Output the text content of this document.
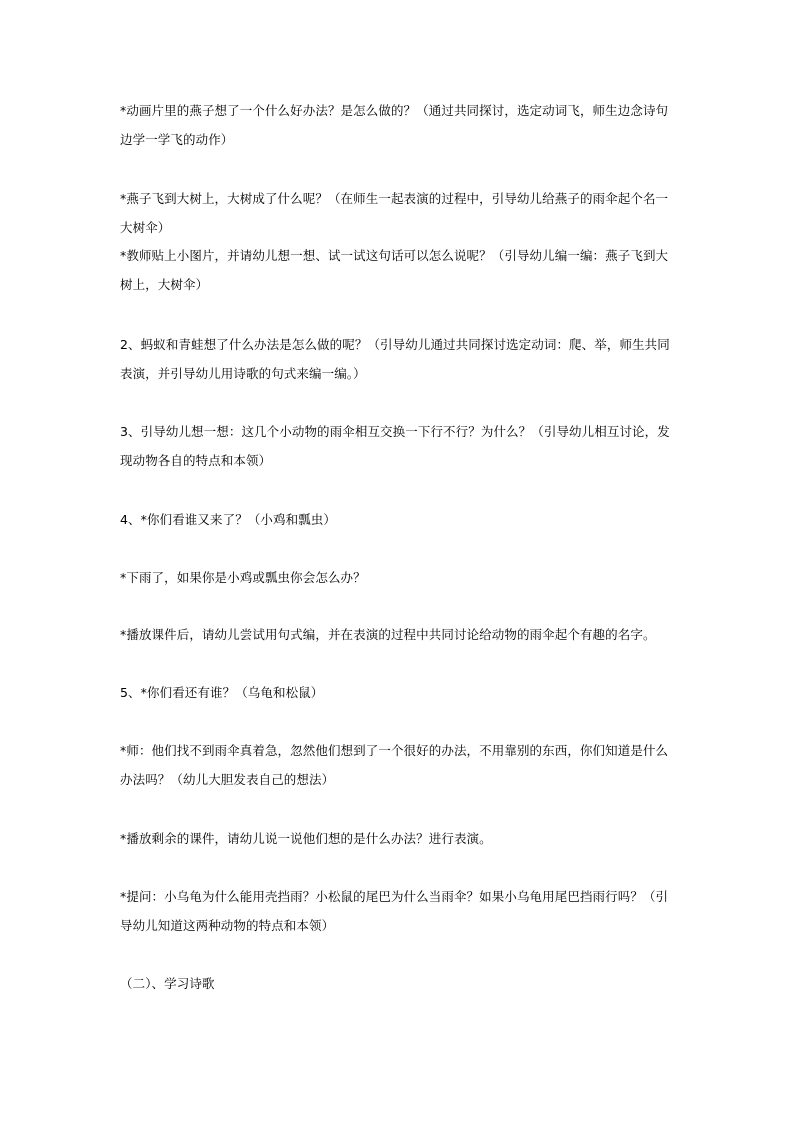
*动画片里的燕子想了一个什么好办法？是怎么做的？（通过共同探讨，选定动词飞，师生边念诗句边学一学飞的动作）

*燕子飞到大树上，大树成了什么呢？（在师生一起表演的过程中，引导幼儿给燕子的雨伞起个名一大树伞）

*教师贴上小图片，并请幼儿想一想、试一试这句话可以怎么说呢？（引导幼儿编一编：燕子飞到大树上，大树伞）

2、蚂蚁和青蛙想了什么办法是怎么做的呢？（引导幼儿通过共同探讨选定动词：爬、举，师生共同表演，并引导幼儿用诗歌的句式来编一编。）

3、引导幼儿想一想：这几个小动物的雨伞相互交换一下行不行？为什么？（引导幼儿相互讨论，发现动物各自的特点和本领）

4、*你们看谁又来了？（小鸡和瓢虫）

*下雨了，如果你是小鸡或瓢虫你会怎么办？

*播放课件后，请幼儿尝试用句式编，并在表演的过程中共同讨论给动物的雨伞起个有趣的名字。

5、*你们看还有谁？（乌龟和松鼠）

*师：他们找不到雨伞真着急，忽然他们想到了一个很好的办法，不用靠别的东西，你们知道是什么办法吗？（幼儿大胆发表自己的想法）

*播放剩余的课件，请幼儿说一说他们想的是什么办法？进行表演。

*提问：小乌龟为什么能用壳挡雨？小松鼠的尾巴为什么当雨伞？如果小乌龟用尾巴挡雨行吗？（引导幼儿知道这两种动物的特点和本领）

（二）、学习诗歌
